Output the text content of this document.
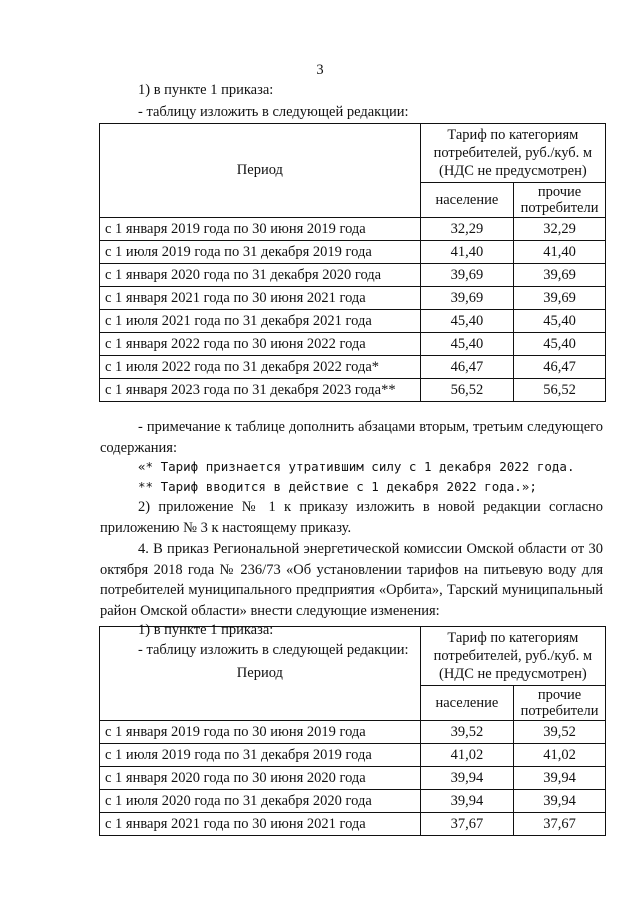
3
1) в пункте 1 приказа:
- таблицу изложить в следующей редакции:
Период	Тариф по категориям потребителей, руб./куб. м (НДС не предусмотрен)	
	население	прочие потребители
с 1 января 2019 года по 30 июня 2019 года	32,29	32,29
с 1 июля 2019 года по 31 декабря 2019 года	41,40	41,40
с 1 января 2020 года по 31 декабря 2020 года	39,69	39,69
с 1 января 2021 года по 30 июня 2021 года	39,69	39,69
с 1 июля 2021 года по 31 декабря 2021 года	45,40	45,40
с 1 января 2022 года по 30 июня 2022 года	45,40	45,40
с 1 июля 2022 года по 31 декабря 2022 года*	46,47	46,47
с 1 января 2023 года по 31 декабря 2023 года**	56,52	56,52
- примечание к таблице дополнить абзацами вторым, третьим следующего содержания:
«* Тариф признается утратившим силу с 1 декабря 2022 года.
** Тариф вводится в действие с 1 декабря 2022 года.»;
2) приложение № 1 к приказу изложить в новой редакции согласно приложению № 3 к настоящему приказу.
4. В приказ Региональной энергетической комиссии Омской области от 30 октября 2018 года № 236/73 «Об установлении тарифов на питьевую воду для потребителей муниципального предприятия «Орбита», Тарский муниципальный район Омской области» внести следующие изменения:
1) в пункте 1 приказа:
- таблицу изложить в следующей редакции:
Период	Тариф по категориям потребителей, руб./куб. м (НДС не предусмотрен)	
	население	прочие потребители
с 1 января 2019 года по 30 июня 2019 года	39,52	39,52
с 1 июля 2019 года по 31 декабря 2019 года	41,02	41,02
с 1 января 2020 года по 30 июня 2020 года	39,94	39,94
с 1 июля 2020 года по 31 декабря 2020 года	39,94	39,94
с 1 января 2021 года по 30 июня 2021 года	37,67	37,67
